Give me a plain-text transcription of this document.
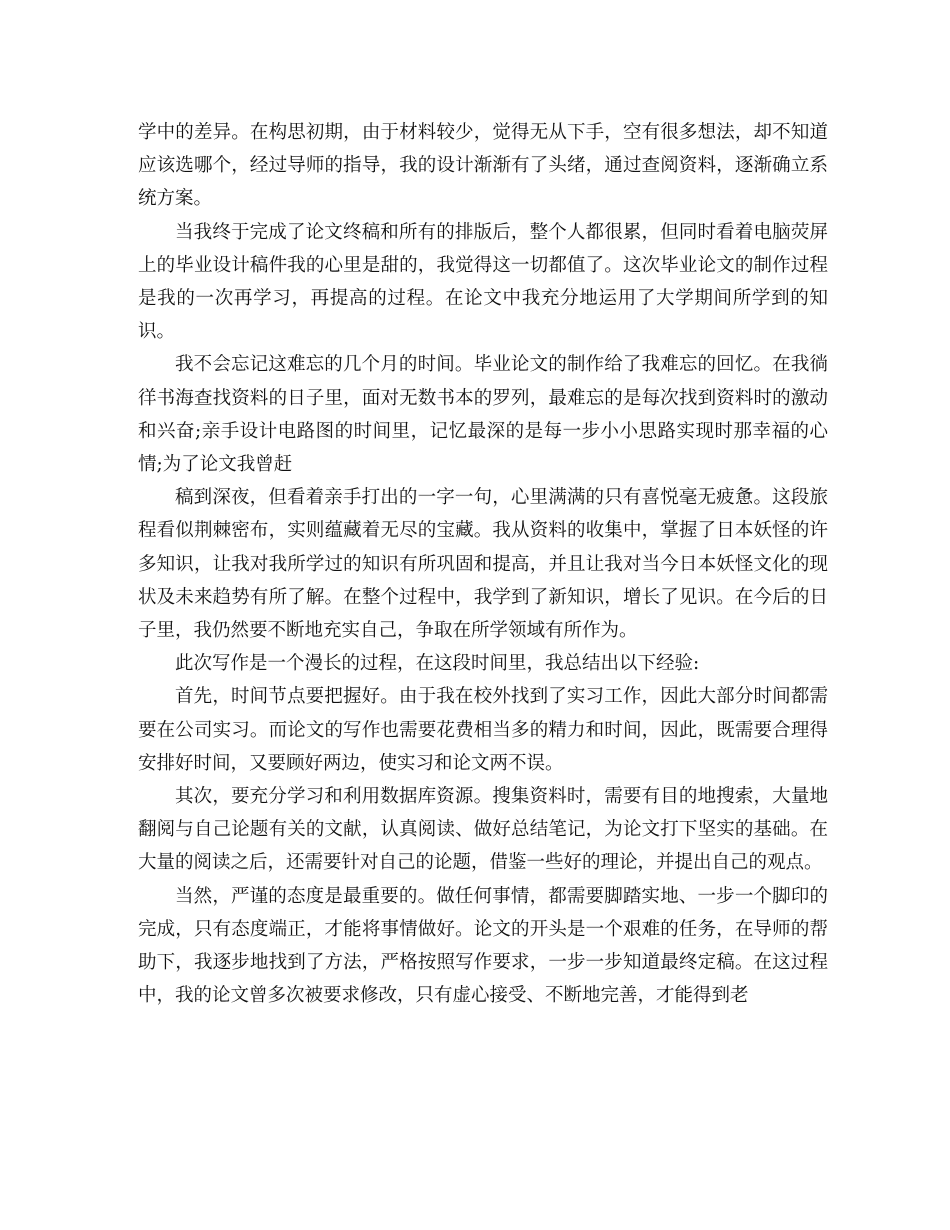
学中的差异。在构思初期，由于材料较少，觉得无从下手，空有很多想法，却不知道应该选哪个，经过导师的指导，我的设计渐渐有了头绪，通过查阅资料，逐渐确立系统方案。

当我终于完成了论文终稿和所有的排版后，整个人都很累，但同时看着电脑荧屏上的毕业设计稿件我的心里是甜的，我觉得这一切都值了。这次毕业论文的制作过程是我的一次再学习，再提高的过程。在论文中我充分地运用了大学期间所学到的知识。

我不会忘记这难忘的几个月的时间。毕业论文的制作给了我难忘的回忆。在我徜徉书海查找资料的日子里，面对无数书本的罗列，最难忘的是每次找到资料时的激动和兴奋;亲手设计电路图的时间里，记忆最深的是每一步小小思路实现时那幸福的心情;为了论文我曾赶

稿到深夜，但看着亲手打出的一字一句，心里满满的只有喜悦毫无疲惫。这段旅程看似荆棘密布，实则蕴藏着无尽的宝藏。我从资料的收集中，掌握了日本妖怪的许多知识，让我对我所学过的知识有所巩固和提高，并且让我对当今日本妖怪文化的现状及未来趋势有所了解。在整个过程中，我学到了新知识，增长了见识。在今后的日子里，我仍然要不断地充实自己，争取在所学领域有所作为。

此次写作是一个漫长的过程，在这段时间里，我总结出以下经验:

首先，时间节点要把握好。由于我在校外找到了实习工作，因此大部分时间都需要在公司实习。而论文的写作也需要花费相当多的精力和时间，因此，既需要合理得安排好时间，又要顾好两边，使实习和论文两不误。

其次，要充分学习和利用数据库资源。搜集资料时，需要有目的地搜索，大量地翻阅与自己论题有关的文献，认真阅读、做好总结笔记，为论文打下坚实的基础。在大量的阅读之后，还需要针对自己的论题，借鉴一些好的理论，并提出自己的观点。

当然，严谨的态度是最重要的。做任何事情，都需要脚踏实地、一步一个脚印的完成，只有态度端正，才能将事情做好。论文的开头是一个艰难的任务，在导师的帮助下，我逐步地找到了方法，严格按照写作要求，一步一步知道最终定稿。在这过程中，我的论文曾多次被要求修改，只有虚心接受、不断地完善，才能得到老
